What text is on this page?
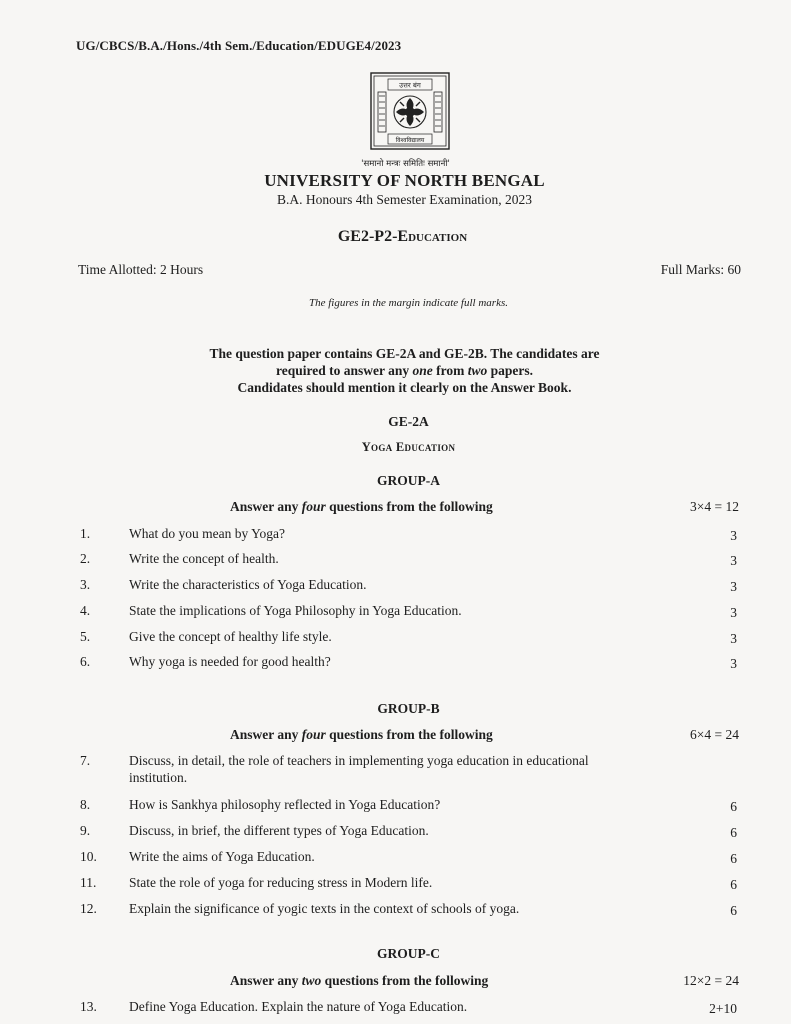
UG/CBCS/B.A./Hons./4th Sem./Education/EDUGE4/2023
उत्तर बंग
विश्वविद्यालय
'समानो मन्त्रः समितिः समानी'
UNIVERSITY OF NORTH BENGAL
B.A. Honours 4th Semester Examination, 2023
GE2-P2-Education
Time Allotted: 2 Hours	Full Marks: 60
The figures in the margin indicate full marks.
The question paper contains GE-2A and GE-2B. The candidates are
required to answer any one from two papers.
Candidates should mention it clearly on the Answer Book.
GE-2A
Yoga Education
GROUP-A
Answer any four questions from the following	3×4 = 12
1.	What do you mean by Yoga?	3
2.	Write the concept of health.	3
3.	Write the characteristics of Yoga Education.	3
4.	State the implications of Yoga Philosophy in Yoga Education.	3
5.	Give the concept of healthy life style.	3
6.	Why yoga is needed for good health?	3
GROUP-B
Answer any four questions from the following	6×4 = 24
7.	Discuss, in detail, the role of teachers in implementing yoga education in educational institution.
8.	How is Sankhya philosophy reflected in Yoga Education?	6
9.	Discuss, in brief, the different types of Yoga Education.	6
10. Write the aims of Yoga Education.	6
11. State the role of yoga for reducing stress in Modern life.	6
12. Explain the significance of yogic texts in the context of schools of yoga.	6
GROUP-C
Answer any two questions from the following	12×2 = 24
13. Define Yoga Education. Explain the nature of Yoga Education.	2+10
